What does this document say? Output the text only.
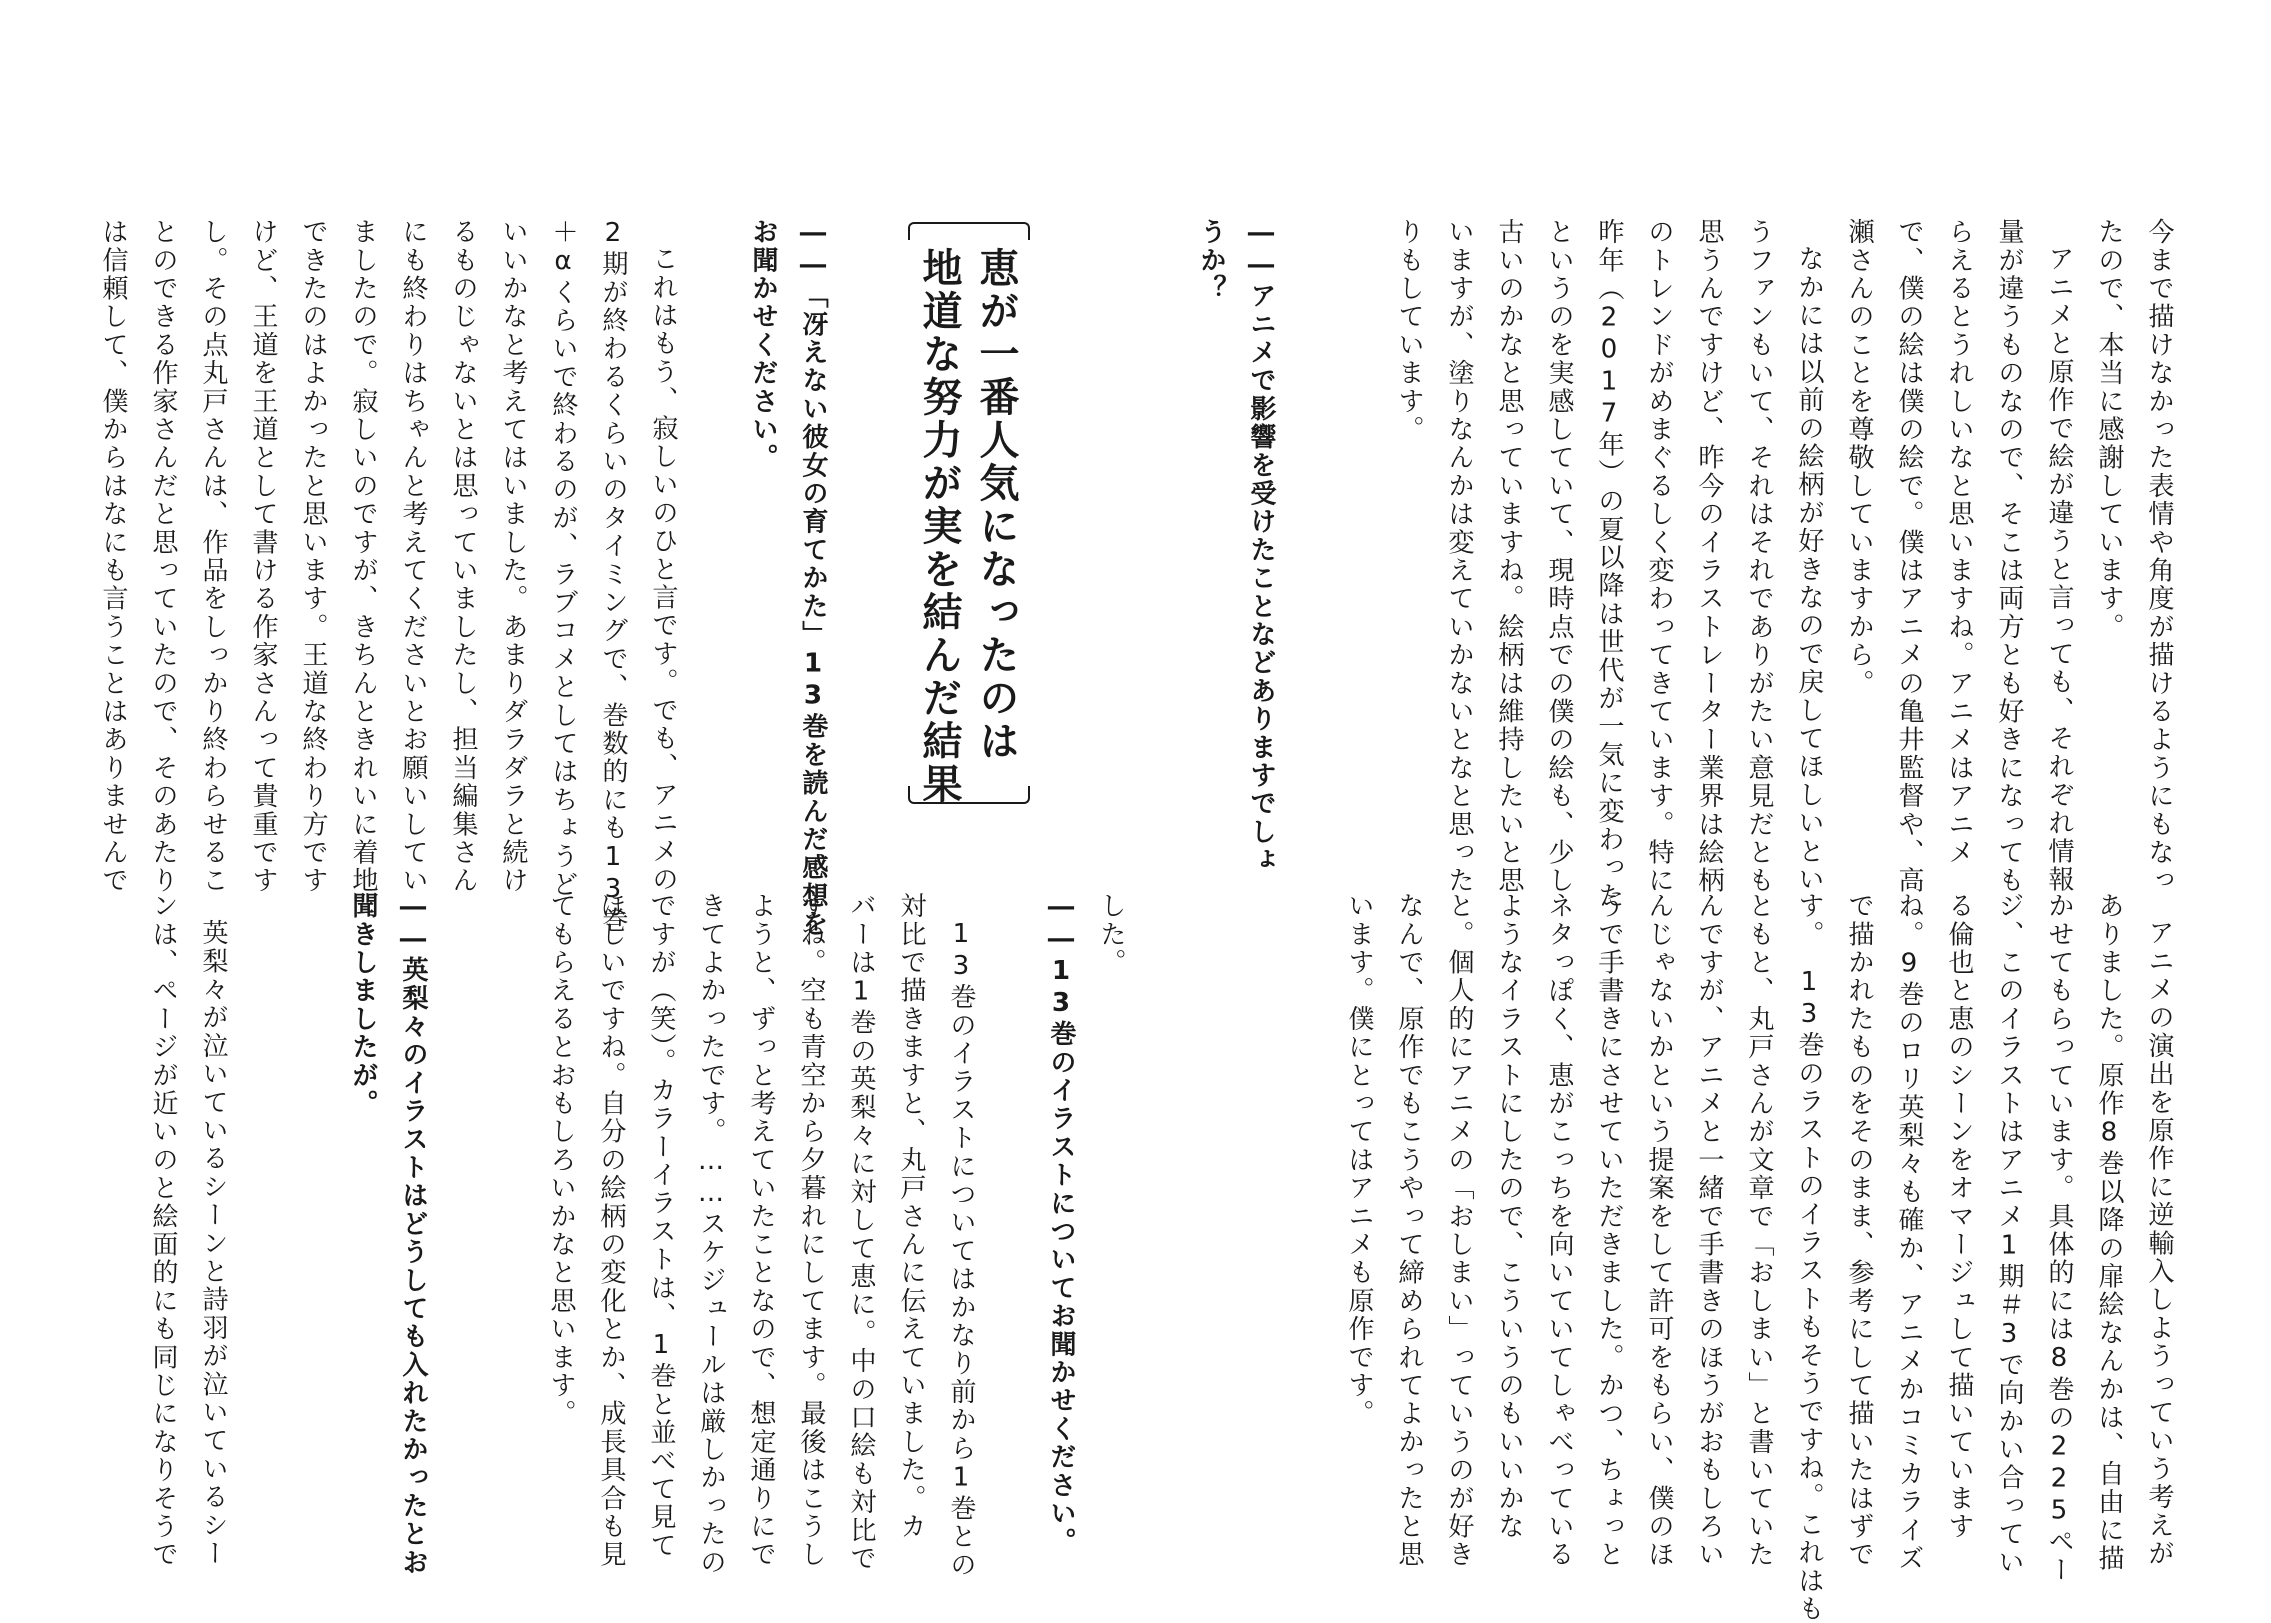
今まで描けなかった表情や角度が描けるようにもなっ
たので、本当に感謝しています。
アニメと原作で絵が違うと言っても、それぞれ情報
量が違うものなので、そこは両方とも好きになっても
らえるとうれしいなと思いますね。アニメはアニメ
で、僕の絵は僕の絵で。僕はアニメの亀井監督や、高
瀬さんのことを尊敬していますから。
なかには以前の絵柄が好きなので戻してほしいとい
うファンもいて、それはそれでありがたい意見だとも
思うんですけど、昨今のイラストレーター業界は絵柄
のトレンドがめまぐるしく変わってきています。特に
昨年（2017年）の夏以降は世代が一気に変わった
というのを実感していて、現時点での僕の絵も、少し
古いのかなと思っていますね。絵柄は維持したいと思
いますが、塗りなんかは変えていかないとなと思った
りもしています。
――アニメで影響を受けたことなどありますでしょ
うか？
恵が一番人気になったのは
地道な努力が実を結んだ結果
――「冴えない彼女の育てかた」13巻を読んだ感想を
お聞かせください。
これはもう、寂しいのひと言です。でも、アニメの
2期が終わるくらいのタイミングで、巻数的にも13巻
＋αくらいで終わるのが、ラブコメとしてはちょうど
いいかなと考えてはいました。あまりダラダラと続け
るものじゃないとは思っていましたし、担当編集さん
にも終わりはちゃんと考えてくださいとお願いしてい
ましたので。寂しいのですが、きちんときれいに着地
できたのはよかったと思います。王道な終わり方です
けど、王道を王道として書ける作家さんって貴重です
し。その点丸戸さんは、作品をしっかり終わらせるこ
とのできる作家さんだと思っていたので、そのあたり
は信頼して、僕からはなにも言うことはありませんで
アニメの演出を原作に逆輸入しようっていう考えが
ありました。原作8巻以降の扉絵なんかは、自由に描
かせてもらっています。具体的には8巻の225ペー
ジ、このイラストはアニメ1期＃3で向かい合ってい
る倫也と恵のシーンをオマージュして描いています
ね。9巻のロリ英梨々も確か、アニメかコミカライズ
で描かれたものをそのまま、参考にして描いたはずで
す。
13巻のラストのイラストもそうですね。これはも
ともと、丸戸さんが文章で「おしまい」と書いていた
んですが、アニメと一緒で手書きのほうがおもしろい
んじゃないかという提案をして許可をもらい、僕のほ
うで手書きにさせていただきました。かつ、ちょっと
ネタっぽく、恵がこっちを向いていてしゃべっている
ようなイラストにしたので、こういうのもいいかな
と。個人的にアニメの「おしまい」っていうのが好き
なんで、原作でもこうやって締められてよかったと思
います。僕にとってはアニメも原作です。
した。
――13巻のイラストについてお聞かせください。
13巻のイラストについてはかなり前から1巻との
対比で描きますと、丸戸さんに伝えていました。カ
バーは1巻の英梨々に対して恵に。中の口絵も対比で
すね。空も青空から夕暮れにしてます。最後はこうし
ようと、ずっと考えていたことなので、想定通りにで
きてよかったです。……スケジュールは厳しかったの
ですが（笑）。カラーイラストは、1巻と並べて見て
ほしいですね。自分の絵柄の変化とか、成長具合も見
てもらえるとおもしろいかなと思います。
――英梨々のイラストはどうしても入れたかったとお
聞きしましたが。
英梨々が泣いているシーンと詩羽が泣いているシー
ンは、ページが近いのと絵面的にも同じになりそうで
